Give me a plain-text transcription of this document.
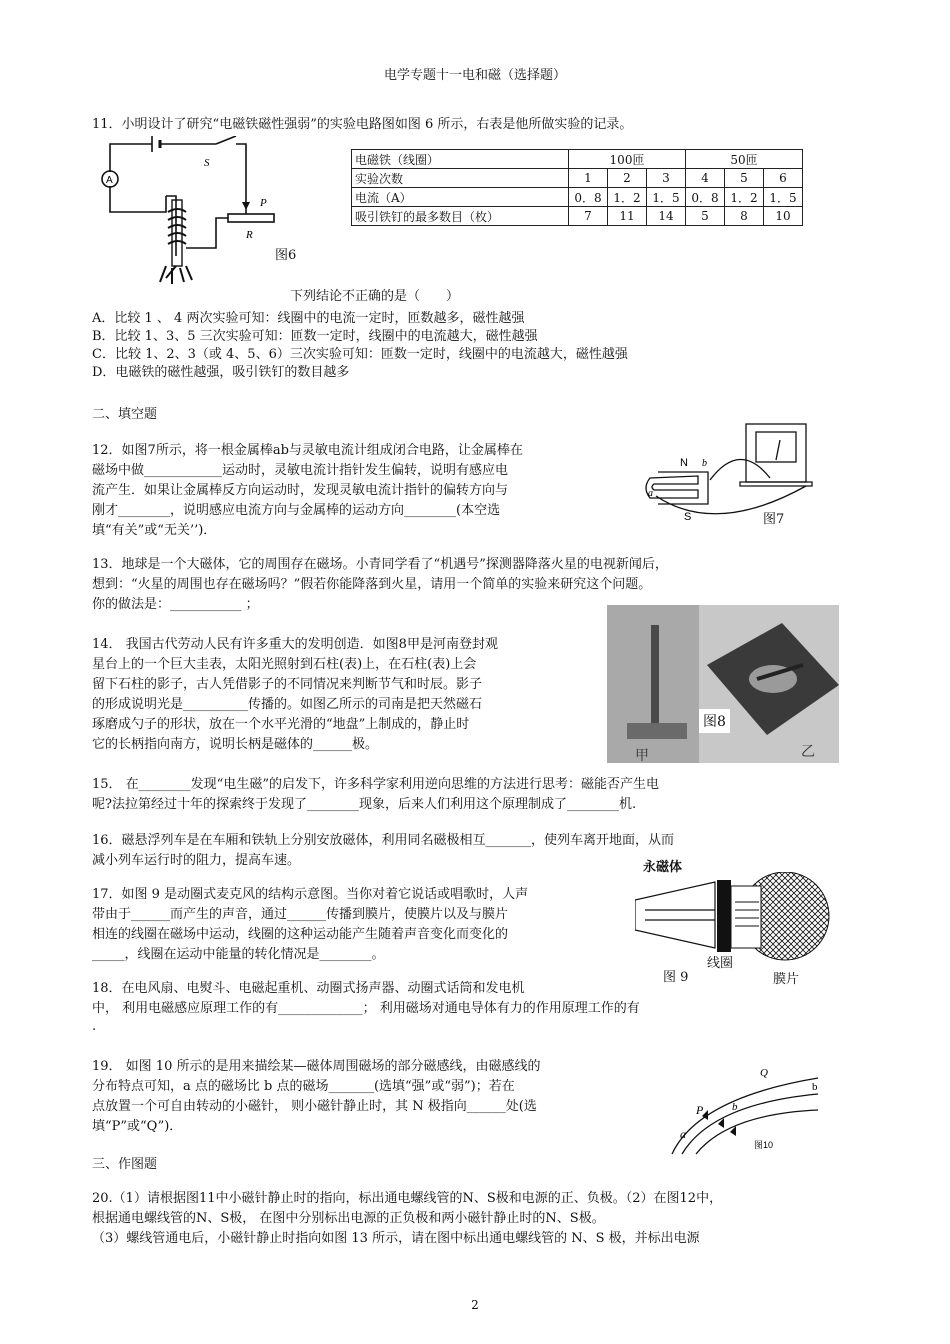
电学专题十一电和磁（选择题）
11．小明设计了研究“电磁铁磁性强弱”的实验电路图如图 6 所示，右表是他所做实验的记录。
A
S
P
R
图6
电磁铁（线圈）	100匝			50匝		
实验次数	1	2	3	4	5	6
电流（A）	0．8	1．2	1．5	0．8	1．2	1．5
吸引铁钉的最多数目（枚）	7	11	14	5	8	10
下列结论不正确的是（　　）
A．比较 1 、 4 两次实验可知：线圈中的电流一定时，匝数越多，磁性越强
B．比较 1、3、5 三次实验可知：匝数一定时，线圈中的电流越大，磁性越强
C．比较 1、2、3（或 4、5、6）三次实验可知：匝数一定时，线圈中的电流越大，磁性越强
D．电磁铁的磁性越强，吸引铁钉的数目越多
二、填空题
12．如图7所示，将一根金属棒ab与灵敏电流计组成闭合电路，让金属棒在
磁场中做____________运动时，灵敏电流计指针发生偏转，说明有感应电
流产生．如果让金属棒反方向运动时，发现灵敏电流计指针的偏转方向与
刚才________，说明感应电流方向与金属棒的运动方向________(本空选
填“有关”或“无关’’)．
N
S
a
b
图7
13．地球是一个大磁体，它的周围存在磁场。小青同学看了“机遇号”探测器降落火星的电视新闻后，
想到：“火星的周围也存在磁场吗？”假若你能降落到火星，请用一个简单的实验来研究这个问题。
你的做法是：___________ ；
14． 我国古代劳动人民有许多重大的发明创造．如图8甲是河南登封观
星台上的一个巨大圭表，太阳光照射到石柱(表)上，在石柱(表)上会
留下石柱的影子，古人凭借影子的不同情况来判断节气和时辰。影子
的形成说明光是__________传播的。如图乙所示的司南是把天然磁石
琢磨成勺子的形状，放在一个水平光滑的“地盘”上制成的，静止时
它的长柄指向南方，说明长柄是磁体的______极。
甲	乙
图8
15． 在________发现“电生磁”的启发下，许多科学家利用逆向思维的方法进行思考：磁能否产生电
呢?法拉第经过十年的探索终于发现了________现象，后来人们利用这个原理制成了________机.
16．磁悬浮列车是在车厢和铁轨上分别安放磁体，利用同名磁极相互_______，使列车离开地面，从而
减小列车运行时的阻力，提高车速。
17．如图 9 是动圈式麦克风的结构示意图。当你对着它说话或唱歌时，人声
带由于______而产生的声音，通过______传播到膜片，使膜片以及与膜片
相连的线圈在磁场中运动，线圈的这种运动能产生随着声音变化而变化的
_____，线圈在运动中能量的转化情况是________。
永磁体
线圈
膜片
图 9
18．在电风扇、电熨斗、电磁起重机、动圈式扬声器、动圈式话筒和发电机
中， 利用电磁感应原理工作的有_____________； 利用磁场对通电导体有力的作用原理工作的有
.
19． 如图 10 所示的是用来描绘某—磁体周围磁场的部分磁感线，由磁感线的
分布特点可知，a 点的磁场比 b 点的磁场_______(选填“强”或“弱”)；若在
点放置一个可自由转动的小磁针， 则小磁针静止时，其 N 极指向______处(选
填“P”或“Q”)．
Q
P	b
a
b
图10
三、作图题
20.（1）请根据图11中小磁针静止时的指向，标出通电螺线管的N、S极和电源的正、负极。（2）在图12中，
根据通电螺线管的N、S极， 在图中分别标出电源的正负极和两小磁针静止时的N、S极。
（3）螺线管通电后，小磁针静止时指向如图 13 所示，请在图中标出通电螺线管的 N、S 极，并标出电源
2
